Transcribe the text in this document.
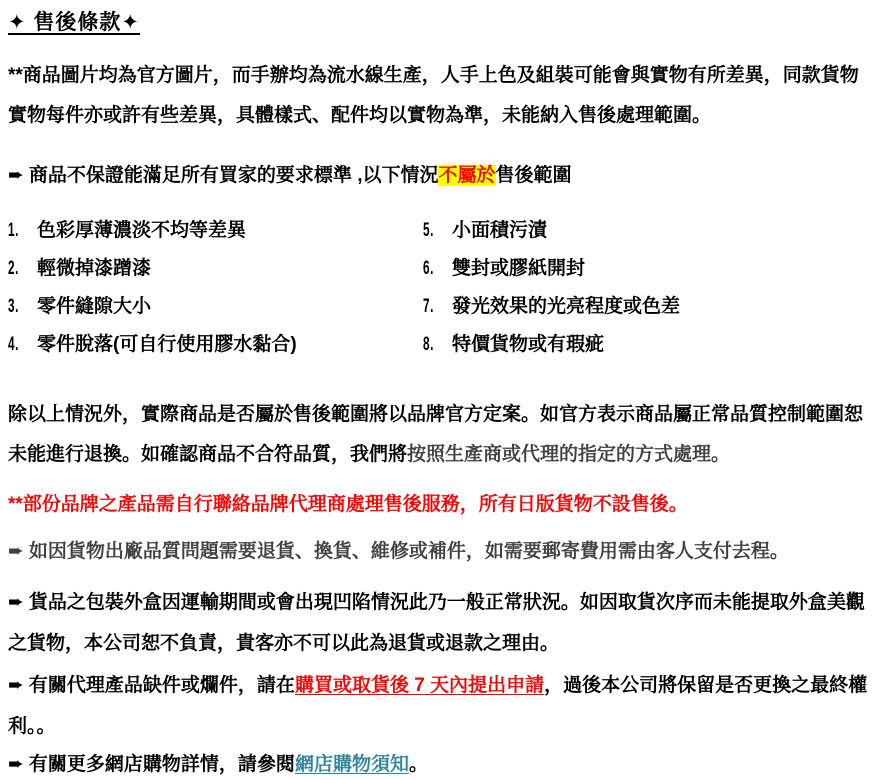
✦ 售後條款✦
**商品圖片均為官方圖片，而手辦均為流水線生產，人手上色及組裝可能會與實物有所差異，同款貨物實物每件亦或許有些差異，具體樣式、配件均以實物為準，未能納入售後處理範圍。
➨ 商品不保證能滿足所有買家的要求標準 ,以下情況不屬於售後範圍
1. 色彩厚薄濃淡不均等差異	5. 小面積污漬
2. 輕微掉漆蹭漆	6. 雙封或膠紙開封
3. 零件縫隙大小	7. 發光效果的光亮程度或色差
4. 零件脫落(可自行使用膠水黏合)	8. 特價貨物或有瑕疵
除以上情況外，實際商品是否屬於售後範圍將以品牌官方定案。如官方表示商品屬正常品質控制範圍恕未能進行退換。如確認商品不合符品質，我們將按照生產商或代理的指定的方式處理。
**部份品牌之產品需自行聯絡品牌代理商處理售後服務，所有日版貨物不設售後。
➨ 如因貨物出廠品質問題需要退貨、換貨、維修或補件，如需要郵寄費用需由客人支付去程。
➨ 貨品之包裝外盒因運輸期間或會出現凹陷情況此乃一般正常狀況。如因取貨次序而未能提取外盒美觀之貨物，本公司恕不負責，貴客亦不可以此為退貨或退款之理由。
➨ 有關代理產品缺件或爛件，請在購買或取貨後 7 天內提出申請，過後本公司將保留是否更換之最終權利。。
➨ 有關更多網店購物詳情，請參閱網店購物須知。
